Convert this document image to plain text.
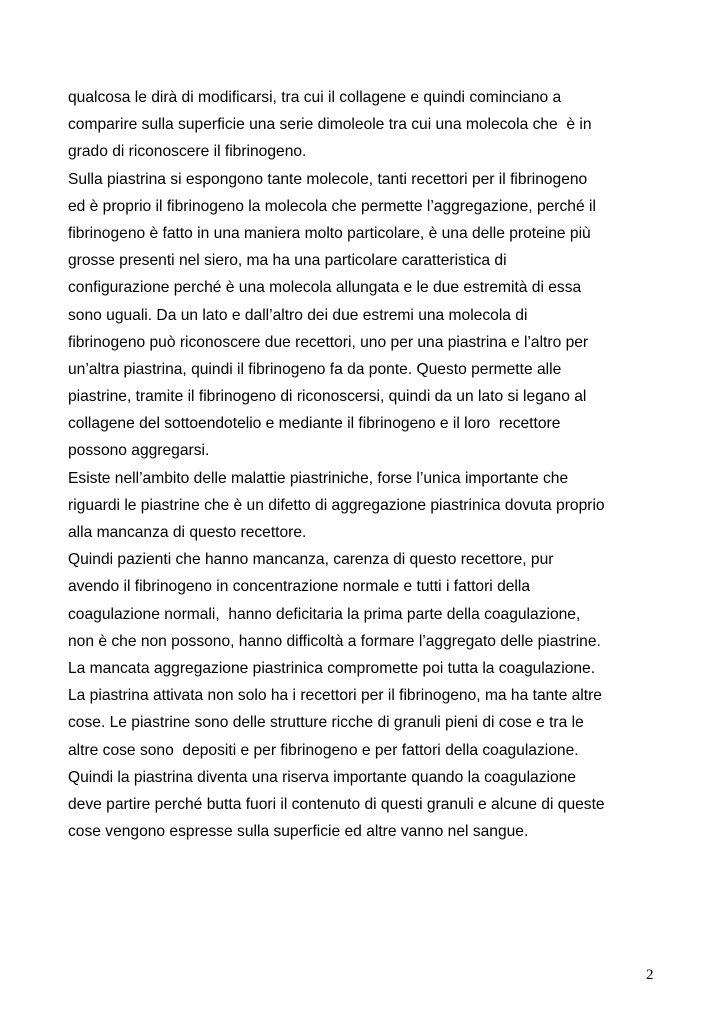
qualcosa le dirà di modificarsi, tra cui il collagene e quindi cominciano a
comparire sulla superficie una serie dimoleole tra cui una molecola che  è in
grado di riconoscere il fibrinogeno.
Sulla piastrina si espongono tante molecole, tanti recettori per il fibrinogeno
ed è proprio il fibrinogeno la molecola che permette l’aggregazione, perché il
fibrinogeno è fatto in una maniera molto particolare, è una delle proteine più
grosse presenti nel siero, ma ha una particolare caratteristica di
configurazione perché è una molecola allungata e le due estremità di essa
sono uguali. Da un lato e dall’altro dei due estremi una molecola di
fibrinogeno può riconoscere due recettori, uno per una piastrina e l’altro per
un’altra piastrina, quindi il fibrinogeno fa da ponte. Questo permette alle
piastrine, tramite il fibrinogeno di riconoscersi, quindi da un lato si legano al
collagene del sottoendotelio e mediante il fibrinogeno e il loro  recettore
possono aggregarsi.
Esiste nell’ambito delle malattie piastriniche, forse l’unica importante che
riguardi le piastrine che è un difetto di aggregazione piastrinica dovuta proprio
alla mancanza di questo recettore.
Quindi pazienti che hanno mancanza, carenza di questo recettore, pur
avendo il fibrinogeno in concentrazione normale e tutti i fattori della
coagulazione normali,  hanno deficitaria la prima parte della coagulazione,
non è che non possono, hanno difficoltà a formare l’aggregato delle piastrine.
La mancata aggregazione piastrinica compromette poi tutta la coagulazione.
La piastrina attivata non solo ha i recettori per il fibrinogeno, ma ha tante altre
cose. Le piastrine sono delle strutture ricche di granuli pieni di cose e tra le
altre cose sono  depositi e per fibrinogeno e per fattori della coagulazione.
Quindi la piastrina diventa una riserva importante quando la coagulazione
deve partire perché butta fuori il contenuto di questi granuli e alcune di queste
cose vengono espresse sulla superficie ed altre vanno nel sangue.
2
